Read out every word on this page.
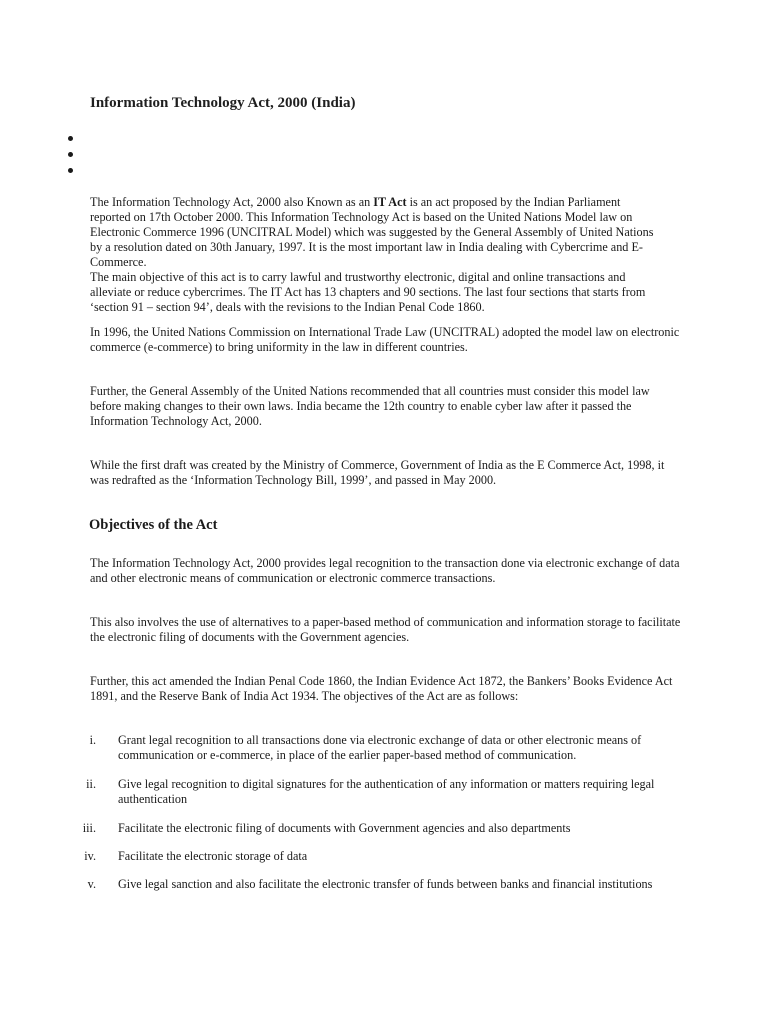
Information Technology Act, 2000 (India)

The Information Technology Act, 2000 also Known as an IT Act is an act proposed by the Indian Parliament
reported on 17th October 2000. This Information Technology Act is based on the United Nations Model law on
Electronic Commerce 1996 (UNCITRAL Model) which was suggested by the General Assembly of United Nations
by a resolution dated on 30th January, 1997. It is the most important law in India dealing with Cybercrime and E-
Commerce.
The main objective of this act is to carry lawful and trustworthy electronic, digital and online transactions and
alleviate or reduce cybercrimes. The IT Act has 13 chapters and 90 sections. The last four sections that starts from
‘section 91 – section 94’, deals with the revisions to the Indian Penal Code 1860.

In 1996, the United Nations Commission on International Trade Law (UNCITRAL) adopted the model law on electronic
commerce (e-commerce) to bring uniformity in the law in different countries.

Further, the General Assembly of the United Nations recommended that all countries must consider this model law
before making changes to their own laws. India became the 12th country to enable cyber law after it passed the
Information Technology Act, 2000.

While the first draft was created by the Ministry of Commerce, Government of India as the E Commerce Act, 1998, it
was redrafted as the ‘Information Technology Bill, 1999’, and passed in May 2000.

Objectives of the Act

The Information Technology Act, 2000 provides legal recognition to the transaction done via electronic exchange of data
and other electronic means of communication or electronic commerce transactions.

This also involves the use of alternatives to a paper-based method of communication and information storage to facilitate
the electronic filing of documents with the Government agencies.

Further, this act amended the Indian Penal Code 1860, the Indian Evidence Act 1872, the Bankers’ Books Evidence Act
1891, and the Reserve Bank of India Act 1934. The objectives of the Act are as follows:

i. Grant legal recognition to all transactions done via electronic exchange of data or other electronic means of
communication or e-commerce, in place of the earlier paper-based method of communication.
ii. Give legal recognition to digital signatures for the authentication of any information or matters requiring legal
authentication
iii. Facilitate the electronic filing of documents with Government agencies and also departments
iv. Facilitate the electronic storage of data
v. Give legal sanction and also facilitate the electronic transfer of funds between banks and financial institutions
